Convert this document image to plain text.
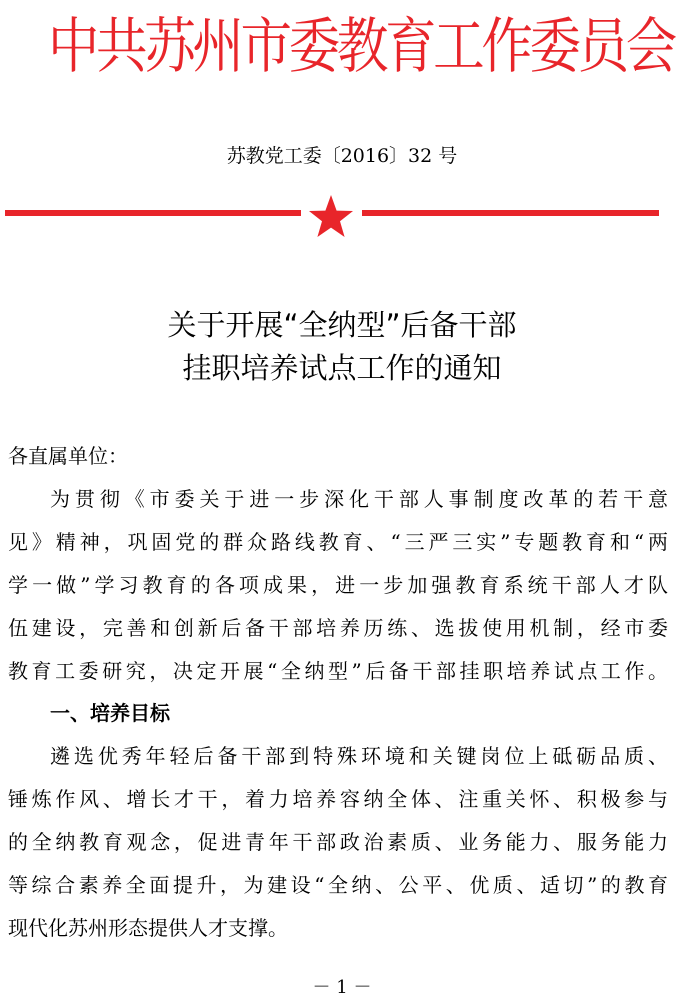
中共苏州市委教育工作委员会
苏教党工委〔2016〕32 号
关于开展“全纳型”后备干部
挂职培养试点工作的通知
各直属单位：
为贯彻《市委关于进一步深化干部人事制度改革的若干意
见》精神，巩固党的群众路线教育、“三严三实”专题教育和“两
学一做”学习教育的各项成果，进一步加强教育系统干部人才队
伍建设，完善和创新后备干部培养历练、选拔使用机制，经市委
教育工委研究，决定开展“全纳型”后备干部挂职培养试点工作。
一、培养目标
遴选优秀年轻后备干部到特殊环境和关键岗位上砥砺品质、
锤炼作风、增长才干，着力培养容纳全体、注重关怀、积极参与
的全纳教育观念，促进青年干部政治素质、业务能力、服务能力
等综合素养全面提升，为建设“全纳、公平、优质、适切”的教育
现代化苏州形态提供人才支撑。
－ 1 －
